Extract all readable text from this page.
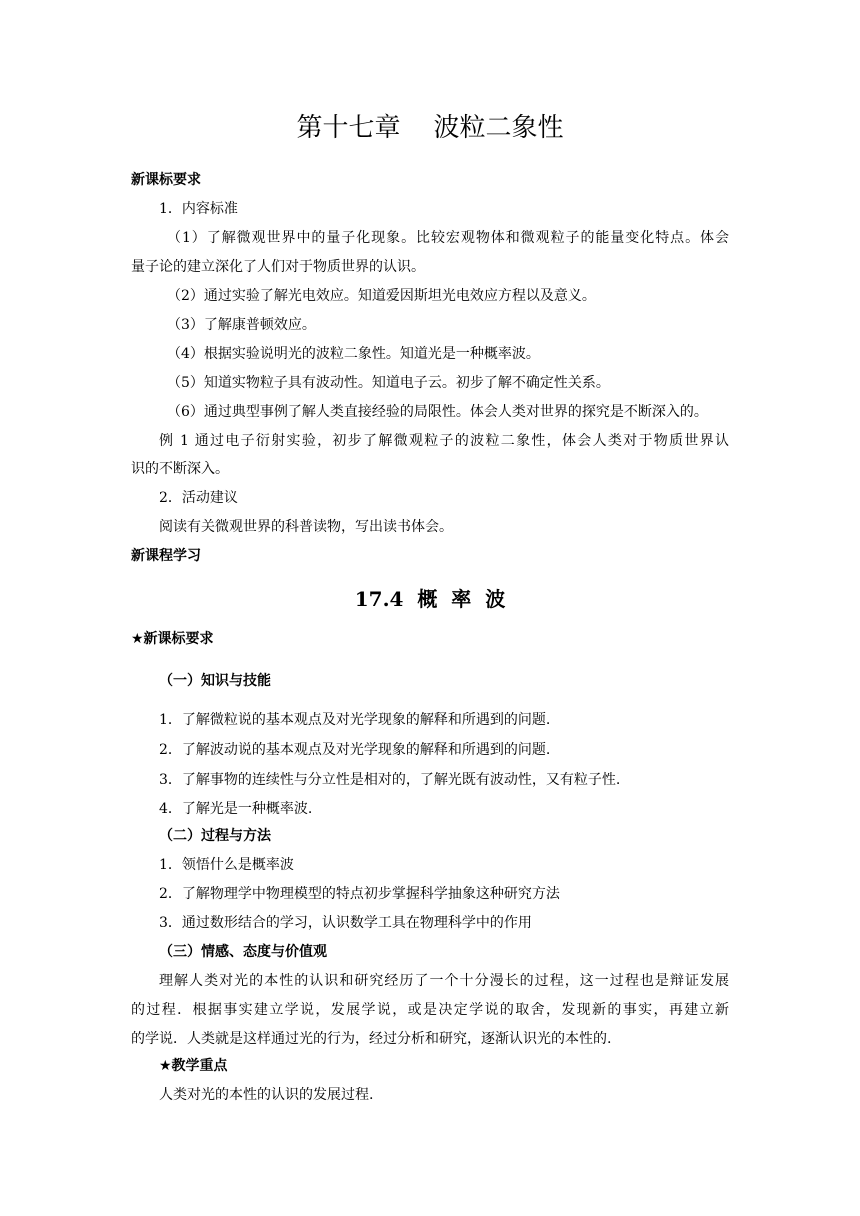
第十七章    波粒二象性
新课标要求
1．内容标准
（1）了解微观世界中的量子化现象。比较宏观物体和微观粒子的能量变化特点。体会
量子论的建立深化了人们对于物质世界的认识。
（2）通过实验了解光电效应。知道爱因斯坦光电效应方程以及意义。
（3）了解康普顿效应。
（4）根据实验说明光的波粒二象性。知道光是一种概率波。
（5）知道实物粒子具有波动性。知道电子云。初步了解不确定性关系。
（6）通过典型事例了解人类直接经验的局限性。体会人类对世界的探究是不断深入的。
例 1 通过电子衍射实验，初步了解微观粒子的波粒二象性，体会人类对于物质世界认
识的不断深入。
2．活动建议
阅读有关微观世界的科普读物，写出读书体会。
新课程学习
17.4  概  率  波
★新课标要求
（一）知识与技能
1．了解微粒说的基本观点及对光学现象的解释和所遇到的问题.
2．了解波动说的基本观点及对光学现象的解释和所遇到的问题.
3．了解事物的连续性与分立性是相对的，了解光既有波动性，又有粒子性.
4．了解光是一种概率波.
（二）过程与方法
1．领悟什么是概率波
2．了解物理学中物理模型的特点初步掌握科学抽象这种研究方法
3．通过数形结合的学习，认识数学工具在物理科学中的作用
（三）情感、态度与价值观
理解人类对光的本性的认识和研究经历了一个十分漫长的过程，这一过程也是辩证发展
的过程．根据事实建立学说，发展学说，或是决定学说的取舍，发现新的事实，再建立新
的学说．人类就是这样通过光的行为，经过分析和研究，逐渐认识光的本性的.
★教学重点
人类对光的本性的认识的发展过程.
